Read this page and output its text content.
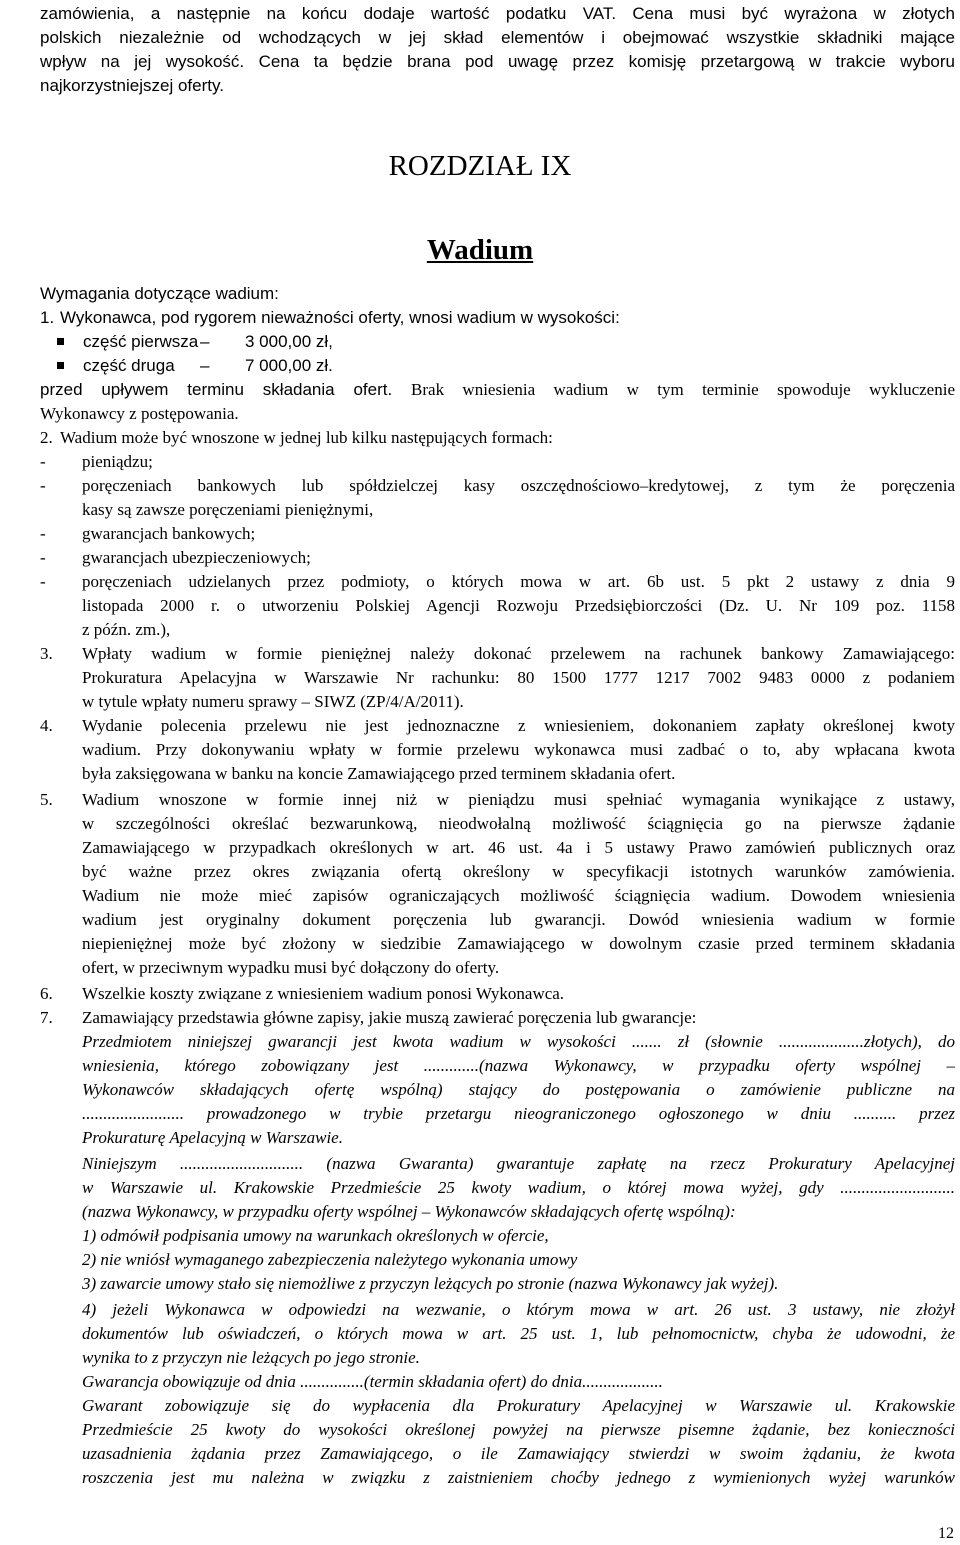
zamówienia, a następnie na końcu dodaje wartość podatku VAT. Cena musi być wyrażona w złotych
polskich niezależnie od wchodzących w jej skład elementów i obejmować wszystkie składniki mające
wpływ na jej wysokość. Cena ta będzie brana pod uwagę przez komisję przetargową w trakcie wyboru
najkorzystniejszej oferty.
ROZDZIAŁ IX
Wadium
Wymagania dotyczące wadium:
1. Wykonawca, pod rygorem nieważności oferty, wnosi wadium w wysokości:
część pierwsza – 3 000,00 zł,
część druga – 7 000,00 zł.
przed upływem terminu składania ofert. Brak wniesienia wadium w tym terminie spowoduje wykluczenie
Wykonawcy z postępowania.
2. Wadium może być wnoszone w jednej lub kilku następujących formach:
- pieniądzu;
- poręczeniach bankowych lub spółdzielczej kasy oszczędnościowo–kredytowej, z tym że poręczenia
kasy są zawsze poręczeniami pieniężnymi,
- gwarancjach bankowych;
- gwarancjach ubezpieczeniowych;
- poręczeniach udzielanych przez podmioty, o których mowa w art. 6b ust. 5 pkt 2 ustawy z dnia 9
listopada 2000 r. o utworzeniu Polskiej Agencji Rozwoju Przedsiębiorczości (Dz. U. Nr 109 poz. 1158
z późn. zm.),
3. Wpłaty wadium w formie pieniężnej należy dokonać przelewem na rachunek bankowy Zamawiającego:
Prokuratura Apelacyjna w Warszawie Nr rachunku: 80 1500 1777 1217 7002 9483 0000 z podaniem
w tytule wpłaty numeru sprawy – SIWZ (ZP/4/A/2011).
4. Wydanie polecenia przelewu nie jest jednoznaczne z wniesieniem, dokonaniem zapłaty określonej kwoty
wadium. Przy dokonywaniu wpłaty w formie przelewu wykonawca musi zadbać o to, aby wpłacana kwota
była zaksięgowana w banku na koncie Zamawiającego przed terminem składania ofert.
5. Wadium wnoszone w formie innej niż w pieniądzu musi spełniać wymagania wynikające z ustawy,
w szczególności określać bezwarunkową, nieodwołalną możliwość ściągnięcia go na pierwsze żądanie
Zamawiającego w przypadkach określonych w art. 46 ust. 4a i 5 ustawy Prawo zamówień publicznych oraz
być ważne przez okres związania ofertą określony w specyfikacji istotnych warunków zamówienia.
Wadium nie może mieć zapisów ograniczających możliwość ściągnięcia wadium. Dowodem wniesienia
wadium jest oryginalny dokument poręczenia lub gwarancji. Dowód wniesienia wadium w formie
niepieniężnej może być złożony w siedzibie Zamawiającego w dowolnym czasie przed terminem składania
ofert, w przeciwnym wypadku musi być dołączony do oferty.
6. Wszelkie koszty związane z wniesieniem wadium ponosi Wykonawca.
7. Zamawiający przedstawia główne zapisy, jakie muszą zawierać poręczenia lub gwarancje:
Przedmiotem niniejszej gwarancji jest kwota wadium w wysokości ....... zł (słownie ....................złotych), do
wniesienia, którego zobowiązany jest .............(nazwa Wykonawcy, w przypadku oferty wspólnej –
Wykonawców składających ofertę wspólną) stający do postępowania o zamówienie publiczne na
........................ prowadzonego w trybie przetargu nieograniczonego ogłoszonego w dniu .......... przez
Prokuraturę Apelacyjną w Warszawie.
Niniejszym ............................. (nazwa Gwaranta) gwarantuje zapłatę na rzecz Prokuratury Apelacyjnej
w Warszawie ul. Krakowskie Przedmieście 25 kwoty wadium, o której mowa wyżej, gdy ...........................
(nazwa Wykonawcy, w przypadku oferty wspólnej – Wykonawców składających ofertę wspólną):
1) odmówił podpisania umowy na warunkach określonych w ofercie,
2) nie wniósł wymaganego zabezpieczenia należytego wykonania umowy
3) zawarcie umowy stało się niemożliwe z przyczyn leżących po stronie (nazwa Wykonawcy jak wyżej).
4) jeżeli Wykonawca w odpowiedzi na wezwanie, o którym mowa w art. 26 ust. 3 ustawy, nie złożył
dokumentów lub oświadczeń, o których mowa w art. 25 ust. 1, lub pełnomocnictw, chyba że udowodni, że
wynika to z przyczyn nie leżących po jego stronie.
Gwarancja obowiązuje od dnia ...............(termin składania ofert) do dnia...................
Gwarant zobowiązuje się do wypłacenia dla Prokuratury Apelacyjnej w Warszawie ul. Krakowskie
Przedmieście 25 kwoty do wysokości określonej powyżej na pierwsze pisemne żądanie, bez konieczności
uzasadnienia żądania przez Zamawiającego, o ile Zamawiający stwierdzi w swoim żądaniu, że kwota
roszczenia jest mu należna w związku z zaistnieniem choćby jednego z wymienionych wyżej warunków
12
